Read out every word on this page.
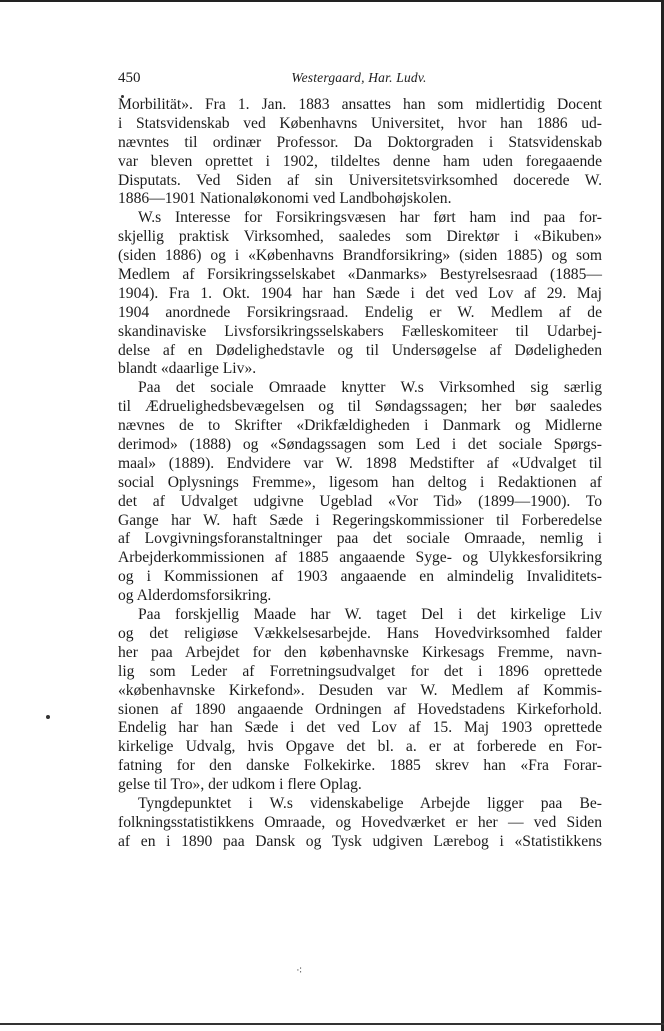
450	Westergaard, Har. Ludv.

Morbilität». Fra 1. Jan. 1883 ansattes han som midlertidig Docent
i Statsvidenskab ved Københavns Universitet, hvor han 1886 ud-
nævntes til ordinær Professor. Da Doktorgraden i Statsvidenskab
var bleven oprettet i 1902, tildeltes denne ham uden foregaaende
Disputats. Ved Siden af sin Universitetsvirksomhed docerede W.
1886—1901 Nationaløkonomi ved Landbohøjskolen.

W.s Interesse for Forsikringsvæsen har ført ham ind paa for-
skjellig praktisk Virksomhed, saaledes som Direktør i «Bikuben»
(siden 1886) og i «Københavns Brandforsikring» (siden 1885) og som
Medlem af Forsikringsselskabet «Danmarks» Bestyrelsesraad (1885—
1904). Fra 1. Okt. 1904 har han Sæde i det ved Lov af 29. Maj
1904 anordnede Forsikringsraad. Endelig er W. Medlem af de
skandinaviske Livsforsikringsselskabers Fælleskomiteer til Udarbej-
delse af en Dødelighedstavle og til Undersøgelse af Dødeligheden
blandt «daarlige Liv».

Paa det sociale Omraade knytter W.s Virksomhed sig særlig
til Ædruelighedsbevægelsen og til Søndagssagen; her bør saaledes
nævnes de to Skrifter «Drikfældigheden i Danmark og Midlerne
derimod» (1888) og «Søndagssagen som Led i det sociale Spørgs-
maal» (1889). Endvidere var W. 1898 Medstifter af «Udvalget til
social Oplysnings Fremme», ligesom han deltog i Redaktionen af
det af Udvalget udgivne Ugeblad «Vor Tid» (1899—1900). To
Gange har W. haft Sæde i Regeringskommissioner til Forberedelse
af Lovgivningsforanstaltninger paa det sociale Omraade, nemlig i
Arbejderkommissionen af 1885 angaaende Syge- og Ulykkesforsikring
og i Kommissionen af 1903 angaaende en almindelig Invaliditets-
og Alderdomsforsikring.

Paa forskjellig Maade har W. taget Del i det kirkelige Liv
og det religiøse Vækkelsesarbejde. Hans Hovedvirksomhed falder
her paa Arbejdet for den københavnske Kirkesags Fremme, navn-
lig som Leder af Forretningsudvalget for det i 1896 oprettede
«københavnske Kirkefond». Desuden var W. Medlem af Kommis-
sionen af 1890 angaaende Ordningen af Hovedstadens Kirkeforhold.
Endelig har han Sæde i det ved Lov af 15. Maj 1903 oprettede
kirkelige Udvalg, hvis Opgave det bl. a. er at forberede en For-
fatning for den danske Folkekirke. 1885 skrev han «Fra Forar-
gelse til Tro», der udkom i flere Oplag.

Tyngdepunktet i W.s videnskabelige Arbejde ligger paa Be-
folkningsstatistikkens Omraade, og Hovedværket er her — ved Siden
af en i 1890 paa Dansk og Tysk udgiven Lærebog i «Statistikkens

⁖
